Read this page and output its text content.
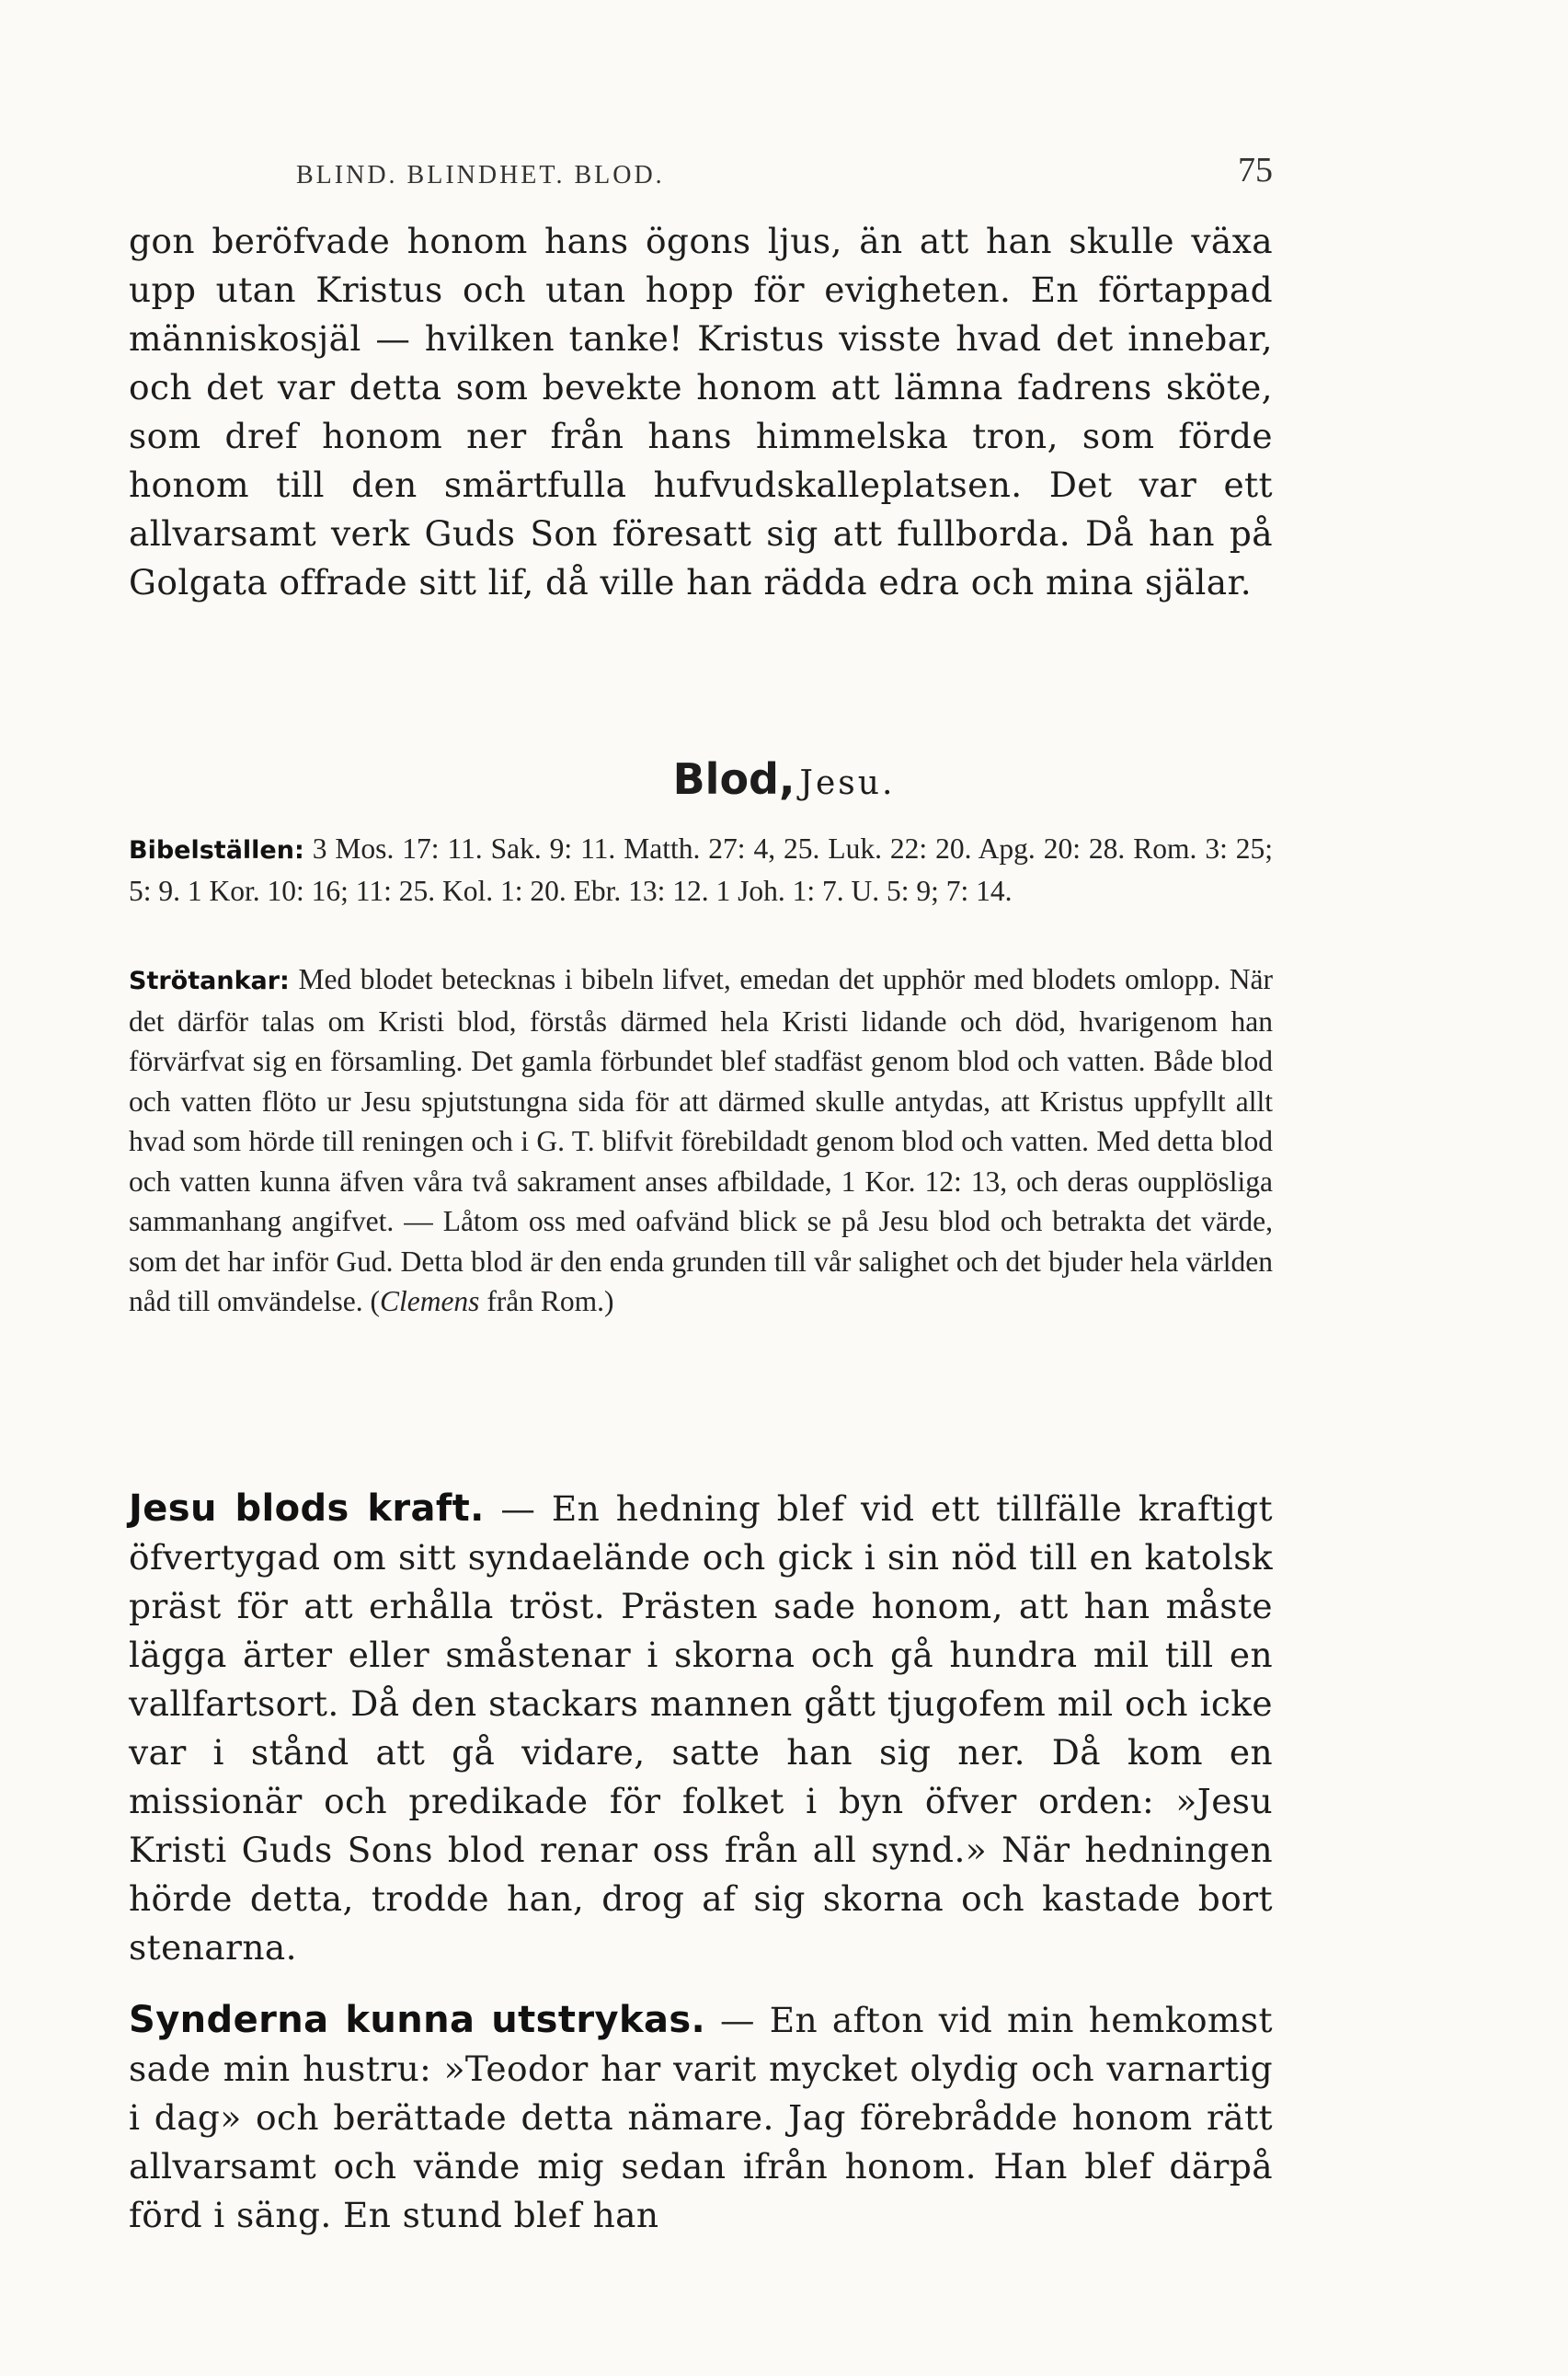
BLIND. BLINDHET. BLOD.	75

gon beröfvade honom hans ögons ljus, än att han skulle växa upp utan Kristus och utan hopp för evigheten. En förtappad människosjäl — hvilken tanke! Kristus visste hvad det innebar, och det var detta som bevekte honom att lämna fadrens sköte, som dref honom ner från hans himmelska tron, som förde honom till den smärtfulla hufvudskalleplatsen. Det var ett allvarsamt verk Guds Son föresatt sig att fullborda. Då han på Golgata offrade sitt lif, då ville han rädda edra och mina själar.

Blod, Jesu.

Bibelställen: 3 Mos. 17: 11. Sak. 9: 11. Matth. 27: 4, 25. Luk. 22: 20. Apg. 20: 28. Rom. 3: 25; 5: 9. 1 Kor. 10: 16; 11: 25. Kol. 1: 20. Ebr. 13: 12. 1 Joh. 1: 7. U. 5: 9; 7: 14.

Strötankar: Med blodet betecknas i bibeln lifvet, emedan det upphör med blodets omlopp. När det därför talas om Kristi blod, förstås därmed hela Kristi lidande och död, hvarigenom han förvärfvat sig en församling. Det gamla förbundet blef stadfäst genom blod och vatten. Både blod och vatten flöto ur Jesu spjutstungna sida för att därmed skulle antydas, att Kristus uppfyllt allt hvad som hörde till reningen och i G. T. blifvit förebildadt genom blod och vatten. Med detta blod och vatten kunna äfven våra två sakrament anses afbildade, 1 Kor. 12: 13, och deras oupplösliga sammanhang angifvet. — Låtom oss med oafvänd blick se på Jesu blod och betrakta det värde, som det har inför Gud. Detta blod är den enda grunden till vår salighet och det bjuder hela världen nåd till omvändelse. (Clemens från Rom.)

Jesu blods kraft. — En hedning blef vid ett tillfälle kraftigt öfvertygad om sitt syndaelände och gick i sin nöd till en katolsk präst för att erhålla tröst. Prästen sade honom, att han måste lägga ärter eller småstenar i skorna och gå hundra mil till en vallfartsort. Då den stackars mannen gått tjugofem mil och icke var i stånd att gå vidare, satte han sig ner. Då kom en missionär och predikade för folket i byn öfver orden: »Jesu Kristi Guds Sons blod renar oss från all synd.» När hedningen hörde detta, trodde han, drog af sig skorna och kastade bort stenarna.

Synderna kunna utstrykas. — En afton vid min hemkomst sade min hustru: »Teodor har varit mycket olydig och varnartig i dag» och berättade detta nämare. Jag förebrådde honom rätt allvarsamt och vände mig sedan ifrån honom. Han blef därpå förd i säng. En stund blef han
